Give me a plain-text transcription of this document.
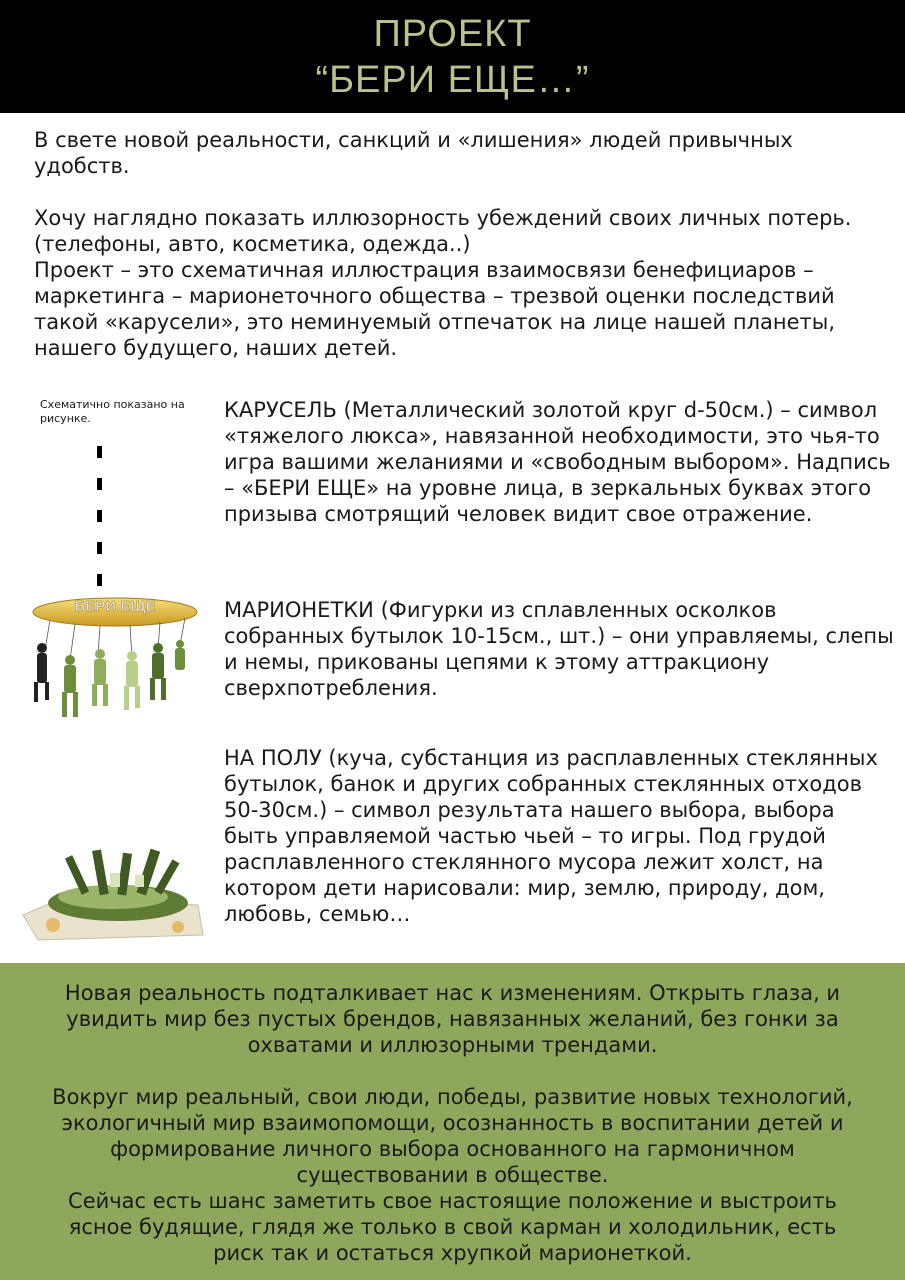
ПРОЕКТ
“БЕРИ ЕЩЕ…”

В свете новой реальности, санкций и «лишения» людей привычных удобств.

Хочу наглядно показать иллюзорность убеждений своих личных потерь. (телефоны, авто, косметика, одежда..)

Проект – это схематичная иллюстрация взаимосвязи бенефициаров – маркетинга – марионеточного общества – трезвой оценки последствий такой «карусели», это неминуемый отпечаток на лице нашей планеты, нашего будущего, наших детей.

Схематично показано на рисунке.
БЕРИ ЕЩЕ
КАРУСЕЛЬ (Металлический золотой круг d-50см.) – символ «тяжелого люкса», навязанной необходимости, это чья-то игра вашими желаниями и «свободным выбором». Надпись – «БЕРИ ЕЩЕ» на уровне лица, в зеркальных буквах этого призыва смотрящий человек видит свое отражение.
МАРИОНЕТКИ (Фигурки из сплавленных осколков собранных бутылок 10-15см., шт.) – они управляемы, слепы и немы, прикованы цепями к этому аттракциону сверхпотребления.
НА ПОЛУ (куча, субстанция из расплавленных стеклянных бутылок, банок и других собранных стеклянных отходов 50-30см.) – символ результата нашего выбора, выбора быть управляемой частью чьей – то игры. Под грудой расплавленного стеклянного мусора лежит холст, на котором дети нарисовали: мир, землю, природу, дом, любовь, семью…

Новая реальность подталкивает нас к изменениям. Открыть глаза, и увидить мир без пустых брендов, навязанных желаний, без гонки за охватами и иллюзорными трендами.

Вокруг мир реальный, свои люди, победы, развитие новых технологий, экологичный мир взаимопомощи, осознанность в воспитании детей и формирование личного выбора основанного на гармоничном существовании в обществе.

Сейчас есть шанс заметить свое настоящие положение и выстроить ясное будящие, глядя же только в свой карман и холодильник, есть риск так и остаться хрупкой марионеткой.
